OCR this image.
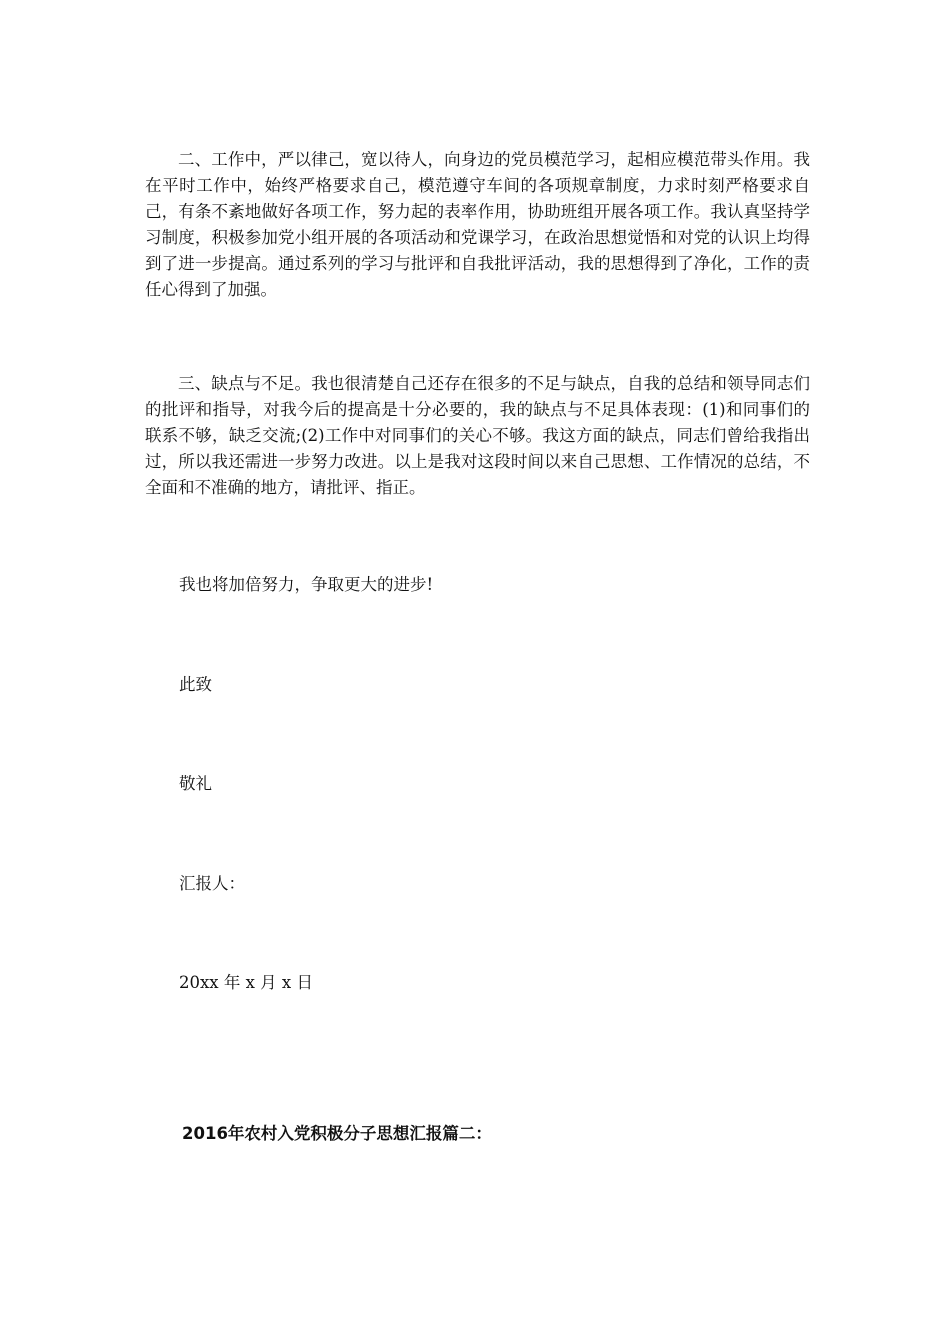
二、工作中，严以律己，宽以待人，向身边的党员模范学习，起相应模范带头作用。我在平时工作中，始终严格要求自己，模范遵守车间的各项规章制度，力求时刻严格要求自己，有条不紊地做好各项工作，努力起的表率作用，协助班组开展各项工作。我认真坚持学习制度，积极参加党小组开展的各项活动和党课学习，在政治思想觉悟和对党的认识上均得到了进一步提高。通过系列的学习与批评和自我批评活动，我的思想得到了净化，工作的责任心得到了加强。

三、缺点与不足。我也很清楚自己还存在很多的不足与缺点，自我的总结和领导同志们的批评和指导，对我今后的提高是十分必要的，我的缺点与不足具体表现：(1)和同事们的联系不够，缺乏交流;(2)工作中对同事们的关心不够。我这方面的缺点，同志们曾给我指出过，所以我还需进一步努力改进。以上是我对这段时间以来自己思想、工作情况的总结，不全面和不准确的地方，请批评、指正。

我也将加倍努力，争取更大的进步!

此致

敬礼

汇报人：

20xx 年 x 月 x 日

2016年农村入党积极分子思想汇报篇二：
